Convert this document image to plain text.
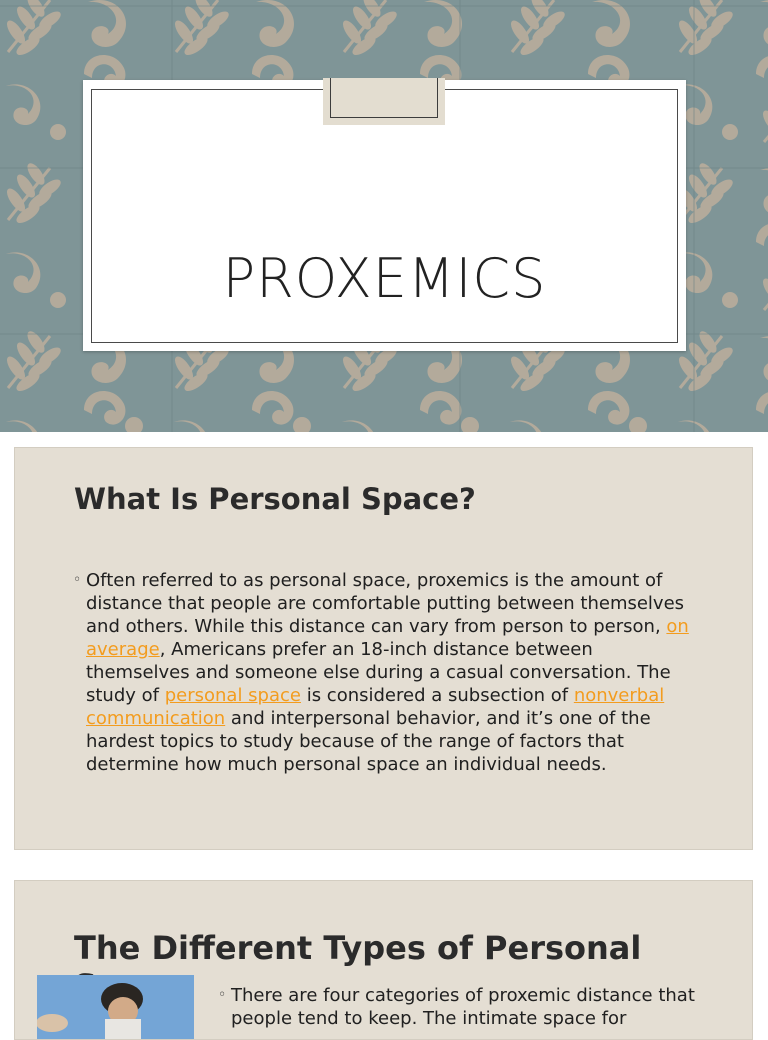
PROXEMICS
What Is Personal Space?
◦ Often referred to as personal space, proxemics is the amount of distance that people are comfortable putting between themselves and others. While this distance can vary from person to person, on average, Americans prefer an 18-inch distance between themselves and someone else during a casual conversation. The study of personal space is considered a subsection of nonverbal communication and interpersonal behavior, and it’s one of the hardest topics to study because of the range of factors that determine how much personal space an individual needs.
The Different Types of Personal
◦ There are four categories of proxemic distance that people tend to keep. The intimate space for
